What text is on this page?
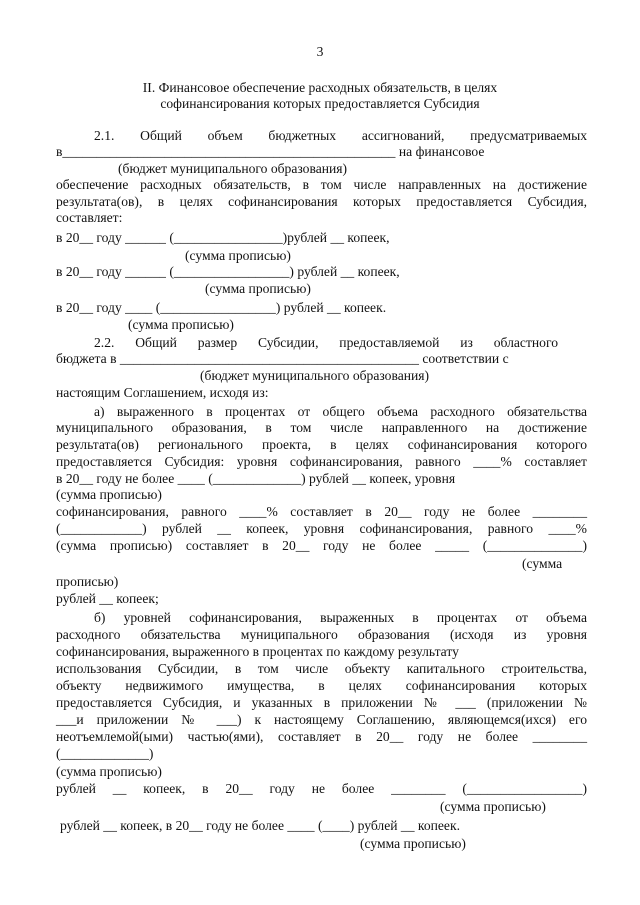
3
II. Финансовое обеспечение расходных обязательств, в целях
софинансирования которых предоставляется Субсидия
2.1. Общий объем бюджетных ассигнований, предусматриваемых
в_________________________________________________ на финансовое
(бюджет муниципального образования)
обеспечение расходных обязательств, в том числе направленных на достижение
результата(ов), в целях софинансирования которых предоставляется Субсидия,
составляет:
в 20__ году ______ (________________)рублей __ копеек,
(сумма прописью)
в 20__ году ______ (_________________) рублей __ копеек,
(сумма прописью)
в 20__ году ____ (_________________) рублей __ копеек.
(сумма прописью)
2.2. Общий размер Субсидии, предоставляемой из областного
бюджета в ____________________________________________ соответствии с
(бюджет муниципального образования)
настоящим Соглашением, исходя из:
а) выраженного в процентах от общего объема расходного обязательства
муниципального образования, в том числе направленного на достижение
результата(ов) регионального проекта, в целях софинансирования которого
предоставляется Субсидия: уровня софинансирования, равного ____% составляет
в 20__ году не более ____ (_____________) рублей __ копеек, уровня
(сумма прописью)
софинансирования, равного ____% составляет в 20__ году не более ________
(____________) рублей __ копеек, уровня софинансирования, равного ____%
(сумма прописью) составляет в 20__ году не более _____ (______________)
(сумма
прописью)
рублей __ копеек;
б) уровней софинансирования, выраженных в процентах от объема
расходного обязательства муниципального образования (исходя из уровня
софинансирования, выраженного в процентах по каждому результату
использования Субсидии, в том числе объекту капитального строительства,
объекту недвижимого имущества, в целях софинансирования которых
предоставляется Субсидия, и указанных в приложении № ___ (приложении №
___и приложении № ___) к настоящему Соглашению, являющемся(ихся) его
неотъемлемой(ыми) частью(ями), составляет в 20__ году не более ________
(_____________)
(сумма прописью)
рублей __ копеек, в 20__ году не более ________ (_________________)
(сумма прописью)
рублей __ копеек, в 20__ году не более ____ (____) рублей __ копеек.
(сумма прописью)
